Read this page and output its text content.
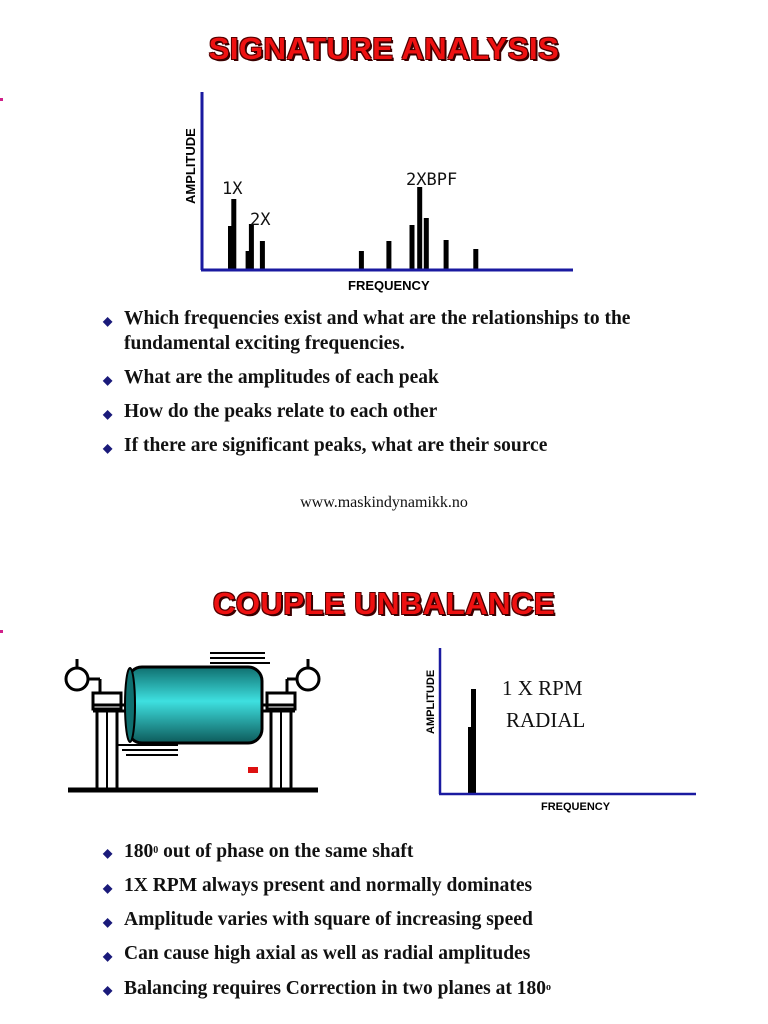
SIGNATURE ANALYSIS
AMPLITUDE
FREQUENCY
1X
2X
2XBPF
◆ Which frequencies exist and what are the relationships to the fundamental exciting frequencies.
◆ What are the amplitudes of each peak
◆ How do the peaks relate to each other
◆ If there are significant peaks, what are their source
www.maskindynamikk.no
COUPLE UNBALANCE
AMPLITUDE
FREQUENCY
1 X RPM
RADIAL
◆ $180^0$ out of phase on the same shaft
◆ 1X RPM always present and normally dominates
◆ Amplitude varies with square of increasing speed
◆ Can cause high axial as well as radial amplitudes
◆ Balancing requires Correction in two planes at 180$^o$
